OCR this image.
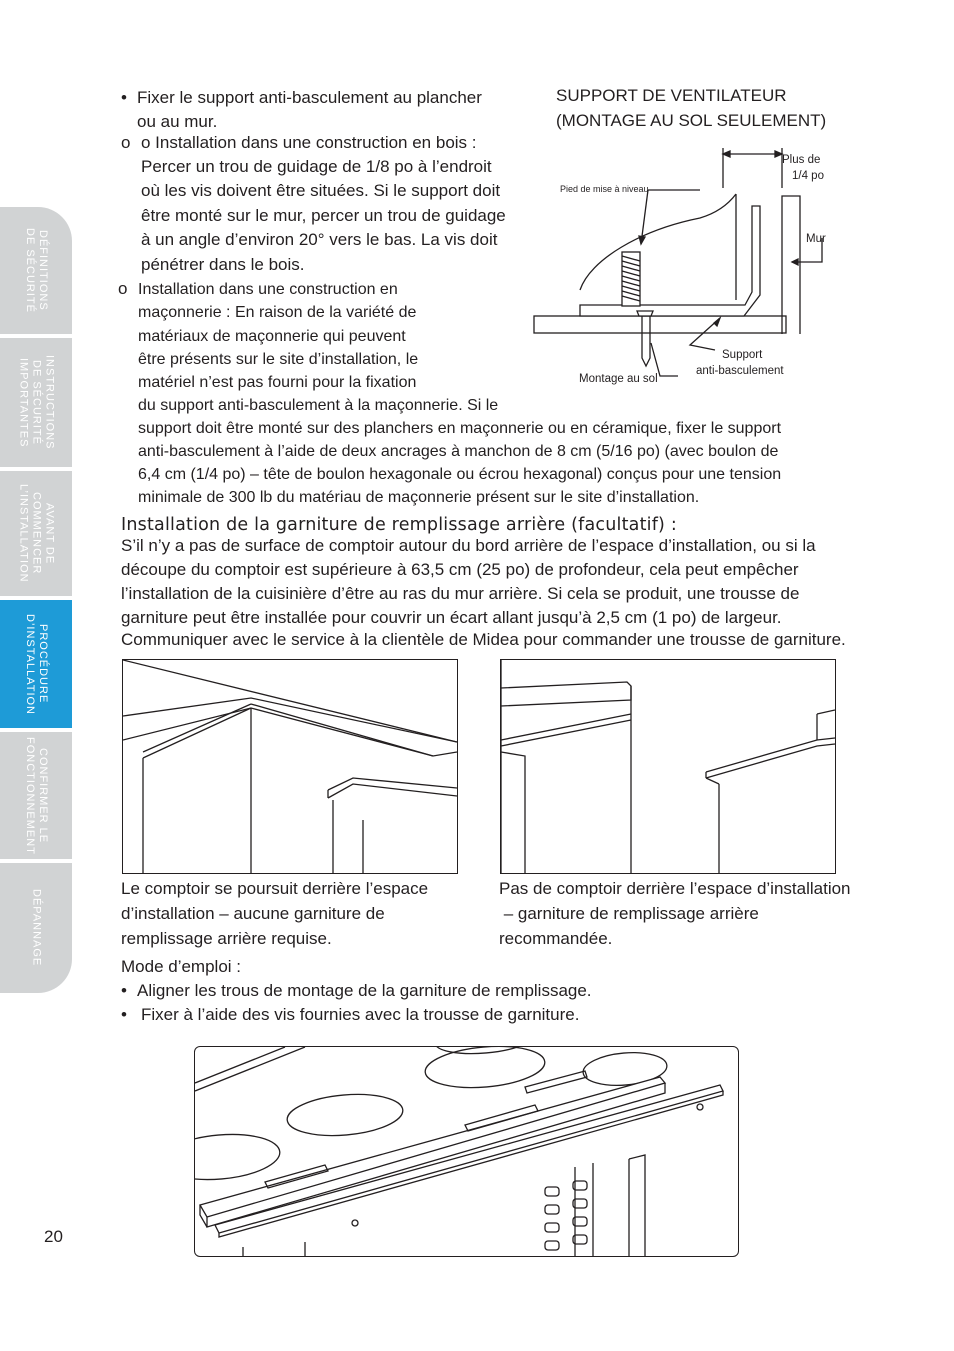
DÉFINITIONS
DE SÉCURITÉ
INSTRUCTIONS
DE SÉCURITÉ
IMPORTANTES
AVANT DE
COMMENCER
L’INSTALLATION
PROCÉDURE
D’INSTALLATION
CONFIRMER LE
FONCTIONNEMENT
DÉPANNAGE
• Fixer le support anti-basculement au plancher
ou au mur.
o o Installation dans une construction en bois :
Percer un trou de guidage de 1/8 po à l’endroit
où les vis doivent être situées. Si le support doit
être monté sur le mur, percer un trou de guidage
à un angle d’environ 20° vers le bas. La vis doit
pénétrer dans le bois.
o Installation dans une construction en
maçonnerie : En raison de la variété de
matériaux de maçonnerie qui peuvent
être présents sur le site d’installation, le
matériel n’est pas fourni pour la fixation
du support anti-basculement à la maçonnerie. Si le
support doit être monté sur des planchers en maçonnerie ou en céramique, fixer le support
anti-basculement à l’aide de deux ancrages à manchon de 8 cm (5/16 po) (avec boulon de
6,4 cm (1/4 po) – tête de boulon hexagonale ou écrou hexagonal) conçus pour une tension
minimale de 300 lb du matériau de maçonnerie présent sur le site d’installation.
SUPPORT DE VENTILATEUR
(MONTAGE AU SOL SEULEMENT)
Pied de mise à niveau
Plus de
1/4 po
Mur
Montage au sol
Support
anti-basculement
Installation de la garniture de remplissage arrière (facultatif) :
S’il n’y a pas de surface de comptoir autour du bord arrière de l’espace d’installation, ou si la
découpe du comptoir est supérieure à 63,5 cm (25 po) de profondeur, cela peut empêcher
l’installation de la cuisinière d’être au ras du mur arrière. Si cela se produit, une trousse de
garniture peut être installée pour couvrir un écart allant jusqu’à 2,5 cm (1 po) de largeur.
Communiquer avec le service à la clientèle de Midea pour commander une trousse de garniture.
Le comptoir se poursuit derrière l’espace
d’installation – aucune garniture de
remplissage arrière requise.
Pas de comptoir derrière l’espace d’installation
– garniture de remplissage arrière
recommandée.
Mode d’emploi :
• Aligner les trous de montage de la garniture de remplissage.
• Fixer à l’aide des vis fournies avec la trousse de garniture.
20
